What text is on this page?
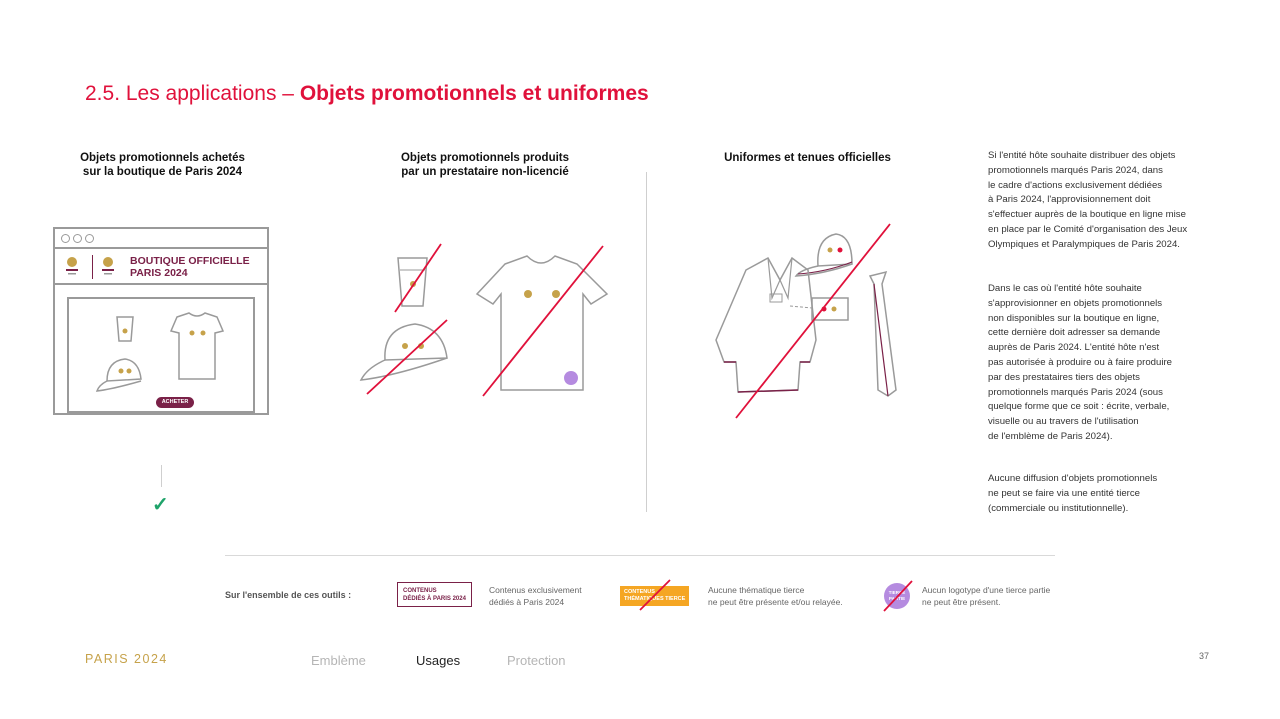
2.5. Les applications – Objets promotionnels et uniformes
Objets promotionnels achetés
sur la boutique de Paris 2024
Objets promotionnels produits
par un prestataire non-licencié
Uniformes et tenues officielles
BOUTIQUE OFFICIELLE
PARIS 2024
ACHETER
✓
Si l'entité hôte souhaite distribuer des objets
promotionnels marqués Paris 2024, dans
le cadre d'actions exclusivement dédiées
à Paris 2024, l'approvisionnement doit
s'effectuer auprès de la boutique en ligne mise
en place par le Comité d'organisation des Jeux
Olympiques et Paralympiques de Paris 2024.
Dans le cas où l'entité hôte souhaite
s'approvisionner en objets promotionnels
non disponibles sur la boutique en ligne,
cette dernière doit adresser sa demande
auprès de Paris 2024. L'entité hôte n'est
pas autorisée à produire ou à faire produire
par des prestataires tiers des objets
promotionnels marqués Paris 2024 (sous
quelque forme que ce soit : écrite, verbale,
visuelle ou au travers de l'utilisation
de l'emblème de Paris 2024).
Aucune diffusion d'objets promotionnels
ne peut se faire via une entité tierce
(commerciale ou institutionnelle).
Sur l'ensemble de ces outils :	CONTENUS
DÉDIÉS À PARIS 2024
Contenus exclusivement
dédiés à Paris 2024
CONTENUS
THÉMATIQUES TIERCE
Aucune thématique tierce
ne peut être présente et/ou relayée.
TIERCE PARTIE
Aucun logotype d'une tierce partie
ne peut être présent.
PARIS 2024	Emblème	Usages	Protection	37
